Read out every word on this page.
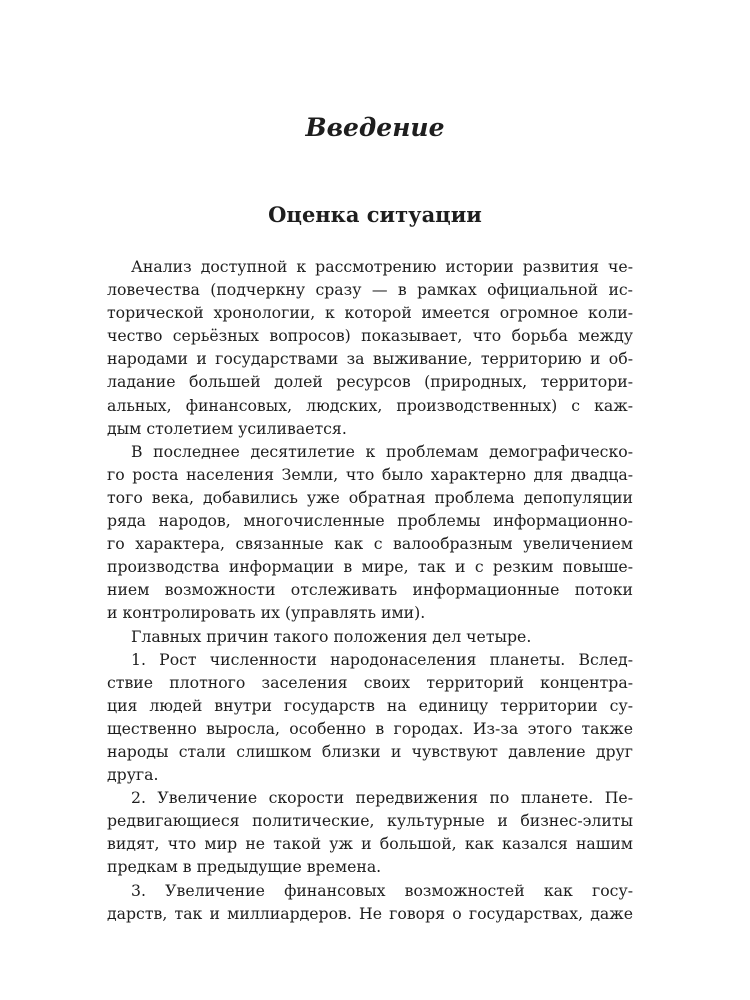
Введение
Оценка ситуации
Анализ доступной к рассмотрению истории развития че-
ловечества (подчеркну сразу — в рамках официальной ис-
торической хронологии, к которой имеется огромное коли-
чество серьёзных вопросов) показывает, что борьба между
народами и государствами за выживание, территорию и об-
ладание большей долей ресурсов (природных, территори-
альных, финансовых, людских, производственных) с каж-
дым столетием усиливается.
В последнее десятилетие к проблемам демографическо-
го роста населения Земли, что было характерно для двадца-
того века, добавились уже обратная проблема депопуляции
ряда народов, многочисленные проблемы информационно-
го характера, связанные как с валообразным увеличением
производства информации в мире, так и с резким повыше-
нием возможности отслеживать информационные потоки
и контролировать их (управлять ими).
Главных причин такого положения дел четыре.
1. Рост численности народонаселения планеты. Вслед-
ствие плотного заселения своих территорий концентра-
ция людей внутри государств на единицу территории су-
щественно выросла, особенно в городах. Из-за этого также
народы стали слишком близки и чувствуют давление друг
друга.
2. Увеличение скорости передвижения по планете. Пе-
редвигающиеся политические, культурные и бизнес-элиты
видят, что мир не такой уж и большой, как казался нашим
предкам в предыдущие времена.
3. Увеличение финансовых возможностей как госу-
дарств, так и миллиардеров. Не говоря о государствах, даже
